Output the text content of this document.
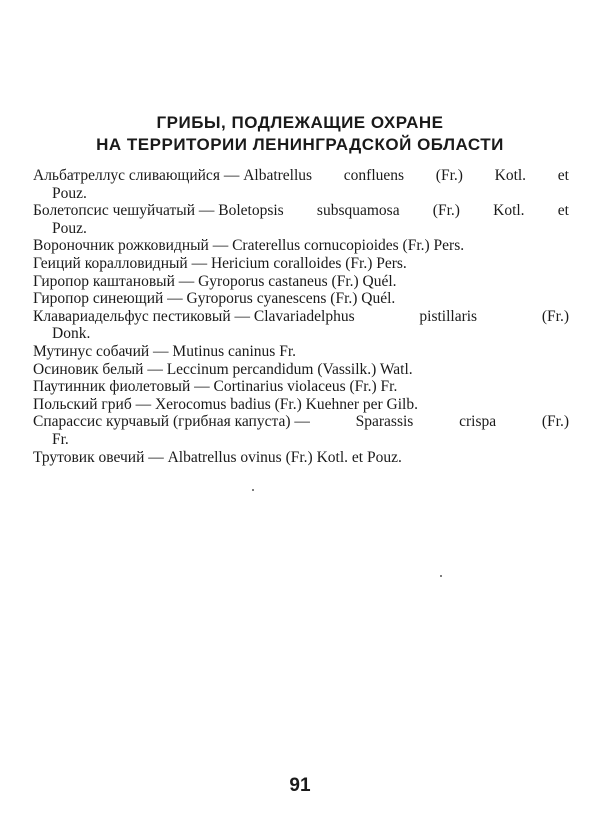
ГРИБЫ, ПОДЛЕЖАЩИЕ ОХРАНЕ
НА ТЕРРИТОРИИ ЛЕНИНГРАДСКОЙ ОБЛАСТИ
Альбатреллус сливающийся — Albatrellus confluens (Fr.) Kotl. et
Pouz.
Болетопсис чешуйчатый — Boletopsis subsquamosa (Fr.) Kotl. et
Pouz.
Вороночник рожковидный — Craterellus cornucopioides (Fr.) Pers.
Геиций коралловидный — Hericium coralloides (Fr.) Pers.
Гиропор каштановый — Gyroporus castaneus (Fr.) Quél.
Гиропор синеющий — Gyroporus cyanescens (Fr.) Quél.
Клавариадельфус пестиковый — Clavariadelphus	pistillaris	(Fr.)
Donk.
Мутинус собачий — Mutinus caninus Fr.
Осиновик белый — Leccinum percandidum (Vassilk.) Watl.
Паутинник фиолетовый — Cortinarius violaceus (Fr.) Fr.
Польский гриб — Xerocomus badius (Fr.) Kuehner per Gilb.
Спарассис курчавый (грибная капуста) —	Sparassis	crispa	(Fr.)
Fr.
Трутовик овечий — Albatrellus ovinus (Fr.) Kotl. et Pouz.
91
